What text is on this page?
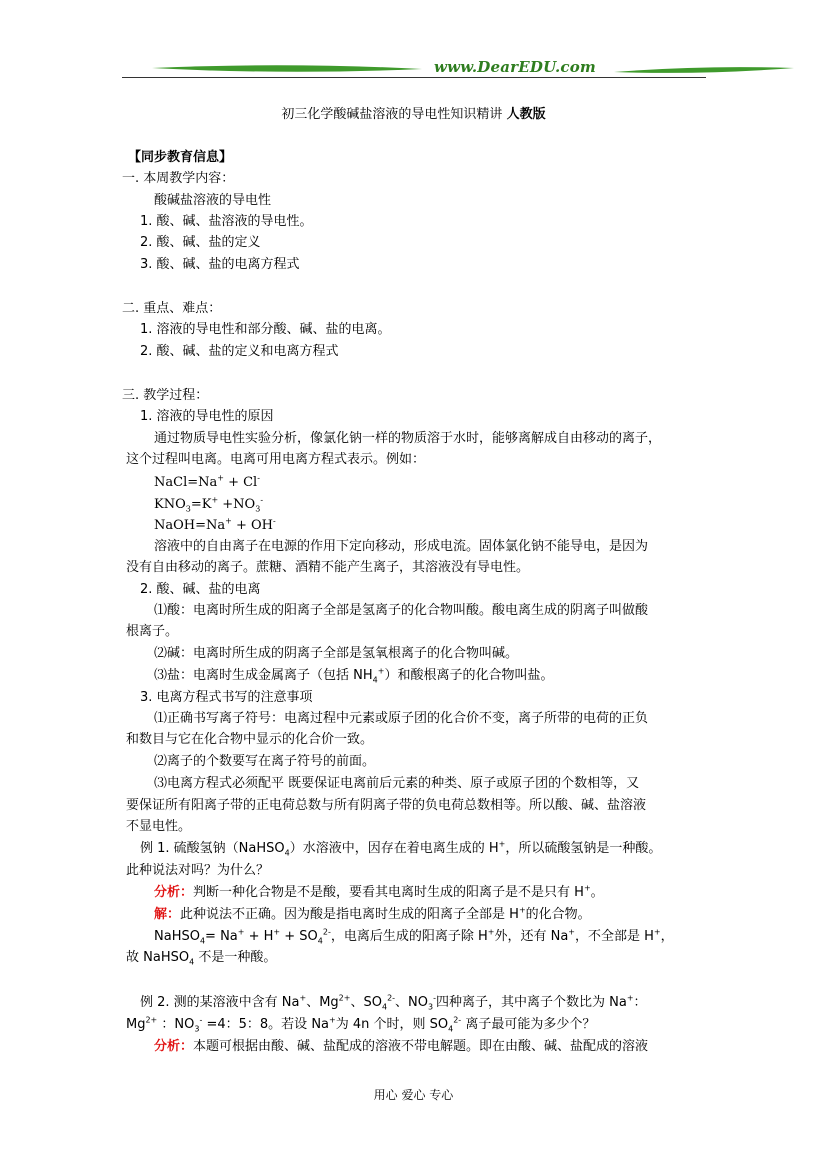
www.DearEDU.com
初三化学酸碱盐溶液的导电性知识精讲 人教版
【同步教育信息】
一. 本周教学内容：
酸碱盐溶液的导电性
1. 酸、碱、盐溶液的导电性。
2. 酸、碱、盐的定义
3. 酸、碱、盐的电离方程式
二. 重点、难点：
1. 溶液的导电性和部分酸、碱、盐的电离。
2. 酸、碱、盐的定义和电离方程式
三. 教学过程：
1. 溶液的导电性的原因
通过物质导电性实验分析，像氯化钠一样的物质溶于水时，能够离解成自由移动的离子，
这个过程叫电离。电离可用电离方程式表示。例如：
NaCl=Na+ + Cl-
$KNO_3=K^+ +NO_3^-$
NaOH=Na+ + OH-
溶液中的自由离子在电源的作用下定向移动，形成电流。固体氯化钠不能导电，是因为
没有自由移动的离子。蔗糖、酒精不能产生离子，其溶液没有导电性。
2. 酸、碱、盐的电离
⑴酸：电离时所生成的阳离子全部是氢离子的化合物叫酸。酸电离生成的阴离子叫做酸
根离子。
⑵碱：电离时所生成的阴离子全部是氢氧根离子的化合物叫碱。
⑶盐：电离时生成金属离子（包括 $NH_4^+$）和酸根离子的化合物叫盐。
3. 电离方程式书写的注意事项
⑴正确书写离子符号：电离过程中元素或原子团的化合价不变，离子所带的电荷的正负
和数目与它在化合物中显示的化合价一致。
⑵离子的个数要写在离子符号的前面。
⑶电离方程式必须配平 既要保证电离前后元素的种类、原子或原子团的个数相等，又
要保证所有阳离子带的正电荷总数与所有阴离子带的负电荷总数相等。所以酸、碱、盐溶液
不显电性。
例 1. 硫酸氢钠（NaHSO$_4$）水溶液中，因存在着电离生成的 H+，所以硫酸氢钠是一种酸。
此种说法对吗？为什么？
分析：判断一种化合物是不是酸，要看其电离时生成的阳离子是不是只有 H+。
解：此种说法不正确。因为酸是指电离时生成的阳离子全部是 H+的化合物。
NaHSO$_4$= $Na^+ + H^+ + SO_4^{2-}$，电离后生成的阳离子除 H+外，还有 Na+，不全部是 H+，
故 NaHSO$_4$ 不是一种酸。
例 2. 测的某溶液中含有 Na+、$Mg^{2+}$、$SO_4^{2-}$、$NO_3^-$四种离子，其中离子个数比为 Na+：
$Mg^{2+}$ ：$NO_3^- =4$：5：8。若设 Na+为 4n 个时，则 $SO_4^{2-}$ 离子最可能为多少个？
分析：本题可根据由酸、碱、盐配成的溶液不带电解题。即在由酸、碱、盐配成的溶液
用心 爱心 专心
